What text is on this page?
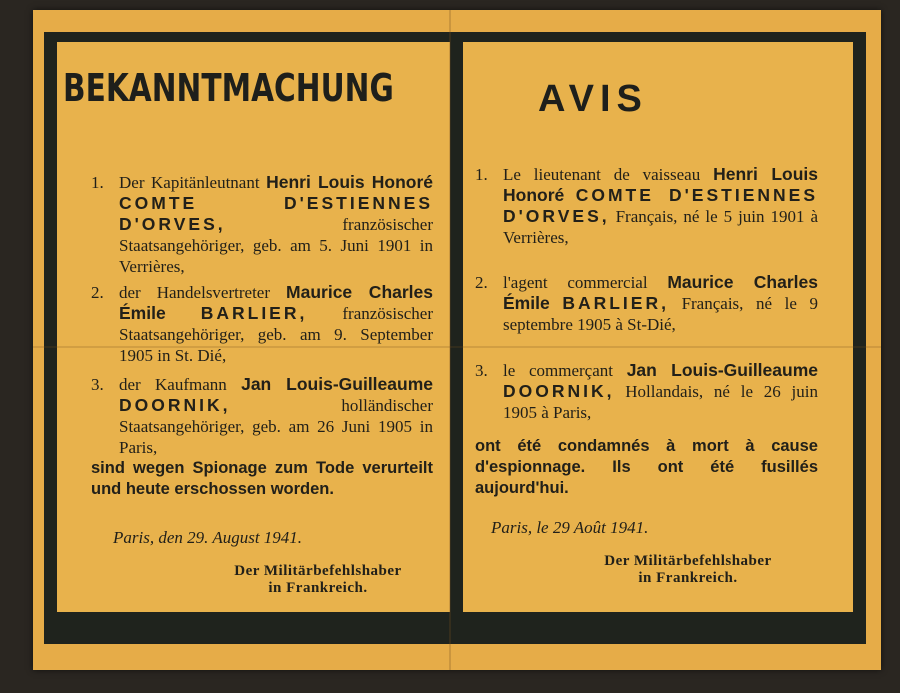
BEKANNTMACHUNG
1. Der Kapitänleutnant Henri Louis Honoré COMTE D'ESTIENNES D'ORVES,	französischer Staatsangehöriger, geb. am 5. Juni 1901 in Verrières,
2. der Handelsvertreter Maurice Charles Émile BARLIER, französischer Staatsangehöriger, geb. am 9. September 1905 in St. Dié,
3. der Kaufmann Jan Louis-Guilleaume DOORNIK,	holländischer Staatsangehöriger, geb. am 26 Juni 1905 in Paris,
sind wegen Spionage zum Tode verurteilt und heute erschossen worden.
Paris, den 29. August 1941.
Der Militärbefehlshaber
in Frankreich.
AVIS
1. Le lieutenant de vaisseau Henri Louis Honoré COMTE D'ESTIENNES D'ORVES, Français, né le 5 juin 1901 à Verrières,
2. l'agent commercial Maurice Charles Émile BARLIER, Français, né le 9 septembre 1905 à St-Dié,
3. le commerçant Jan Louis-Guilleaume DOORNIK, Hollandais, né le 26 juin 1905 à Paris,
ont été condamnés à mort à cause d'espionnage. Ils ont été fusillés aujourd'hui.
Paris, le 29 Août 1941.
Der Militärbefehlshaber
in Frankreich.
